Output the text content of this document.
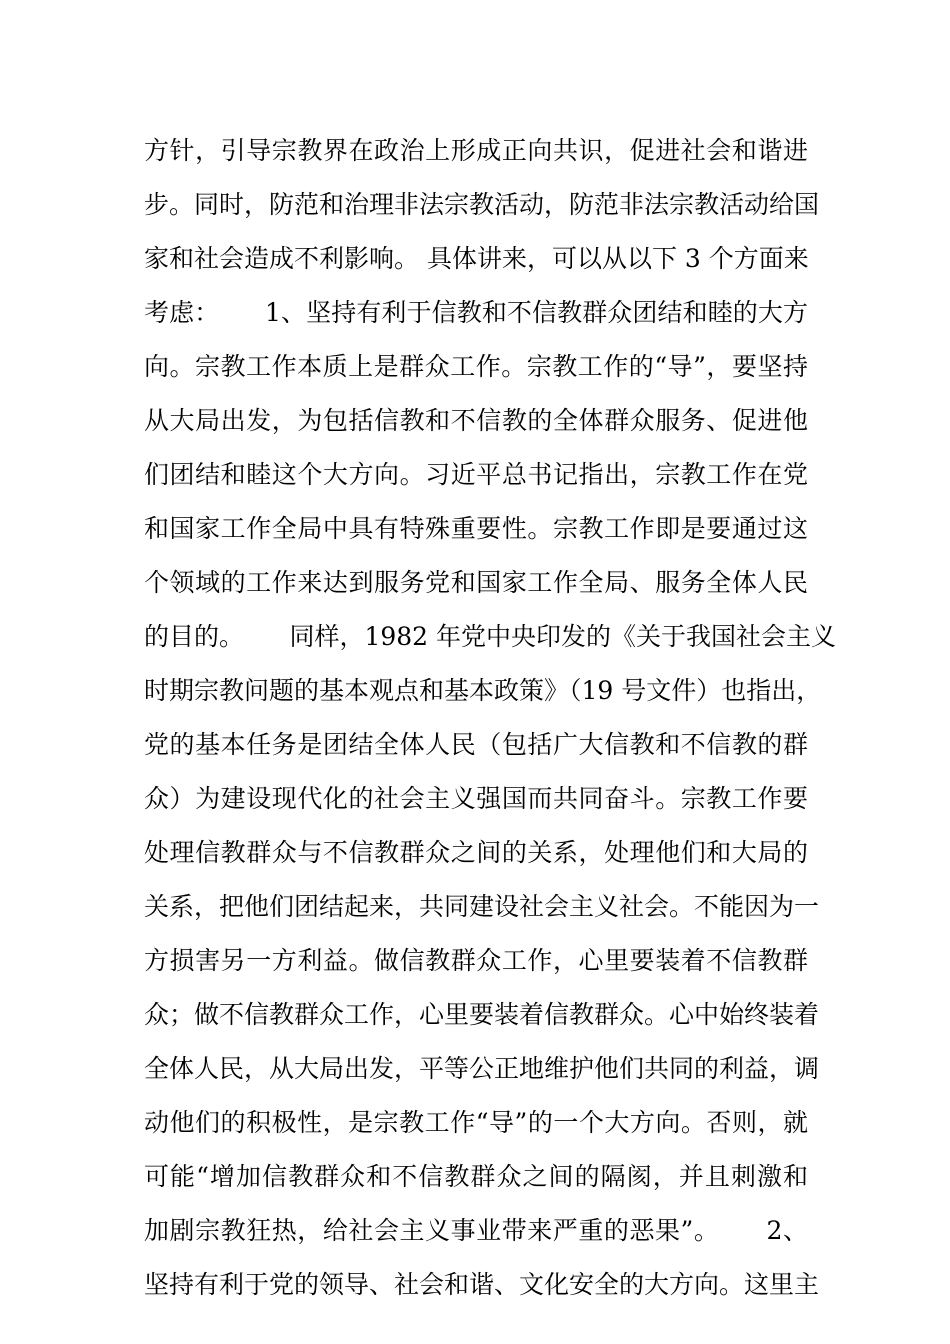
方针，引导宗教界在政治上形成正向共识，促进社会和谐进
步。同时，防范和治理非法宗教活动，防范非法宗教活动给国
家和社会造成不利影响。 具体讲来，可以从以下 3 个方面来
考虑：　　 1、坚持有利于信教和不信教群众团结和睦的大方
向。宗教工作本质上是群众工作。宗教工作的“导”，要坚持
从大局出发，为包括信教和不信教的全体群众服务、促进他
们团结和睦这个大方向。习近平总书记指出，宗教工作在党
和国家工作全局中具有特殊重要性。宗教工作即是要通过这
个领域的工作来达到服务党和国家工作全局、服务全体人民
的目的。　　 同样，1982 年党中央印发的《关于我国社会主义
时期宗教问题的基本观点和基本政策》（19 号文件）也指出，
党的基本任务是团结全体人民（包括广大信教和不信教的群
众）为建设现代化的社会主义强国而共同奋斗。宗教工作要
处理信教群众与不信教群众之间的关系，处理他们和大局的
关系，把他们团结起来，共同建设社会主义社会。不能因为一
方损害另一方利益。做信教群众工作，心里要装着不信教群
众；做不信教群众工作，心里要装着信教群众。心中始终装着
全体人民，从大局出发，平等公正地维护他们共同的利益，调
动他们的积极性，是宗教工作“导”的一个大方向。否则，就
可能“增加信教群众和不信教群众之间的隔阂，并且刺激和
加剧宗教狂热，给社会主义事业带来严重的恶果”。　　 2、
坚持有利于党的领导、社会和谐、文化安全的大方向。这里主
